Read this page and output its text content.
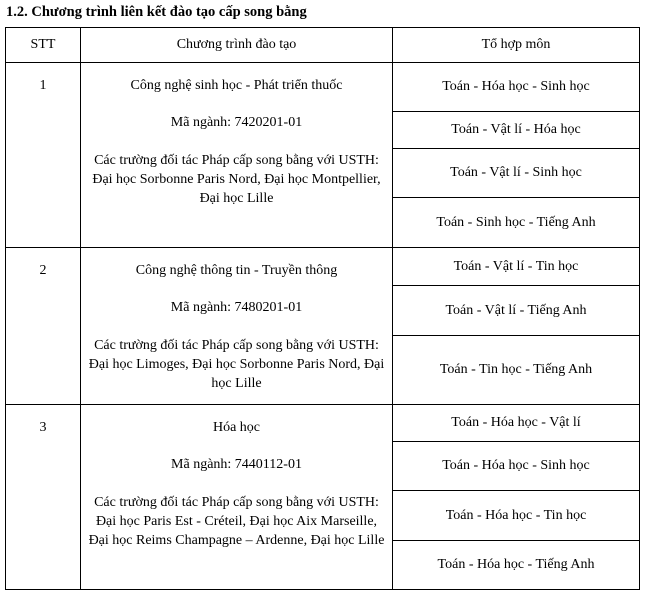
1.2. Chương trình liên kết đào tạo cấp song bằng
STT	Chương trình đào tạo	Tổ hợp môn

1	Công nghệ sinh học - Phát triển thuốc
Mã ngành: 7420201-01
Các trường đối tác Pháp cấp song bằng với USTH: Đại học Sorbonne Paris Nord, Đại học Montpellier, Đại học Lille	Toán - Hóa học - Sinh học
		Toán - Vật lí - Hóa học
		Toán - Vật lí - Sinh học
		Toán - Sinh học - Tiếng Anh

2	Công nghệ thông tin - Truyền thông
Mã ngành: 7480201-01
Các trường đối tác Pháp cấp song bằng với USTH: Đại học Limoges, Đại học Sorbonne Paris Nord, Đại học Lille	Toán - Vật lí - Tin học
		Toán - Vật lí - Tiếng Anh
		Toán - Tin học - Tiếng Anh

3	Hóa học
Mã ngành: 7440112-01
Các trường đối tác Pháp cấp song bằng với USTH: Đại học Paris Est - Créteil, Đại học Aix Marseille, Đại học Reims Champagne – Ardenne, Đại học Lille	Toán - Hóa học - Vật lí
		Toán - Hóa học - Sinh học
		Toán - Hóa học - Tin học
		Toán - Hóa học - Tiếng Anh
